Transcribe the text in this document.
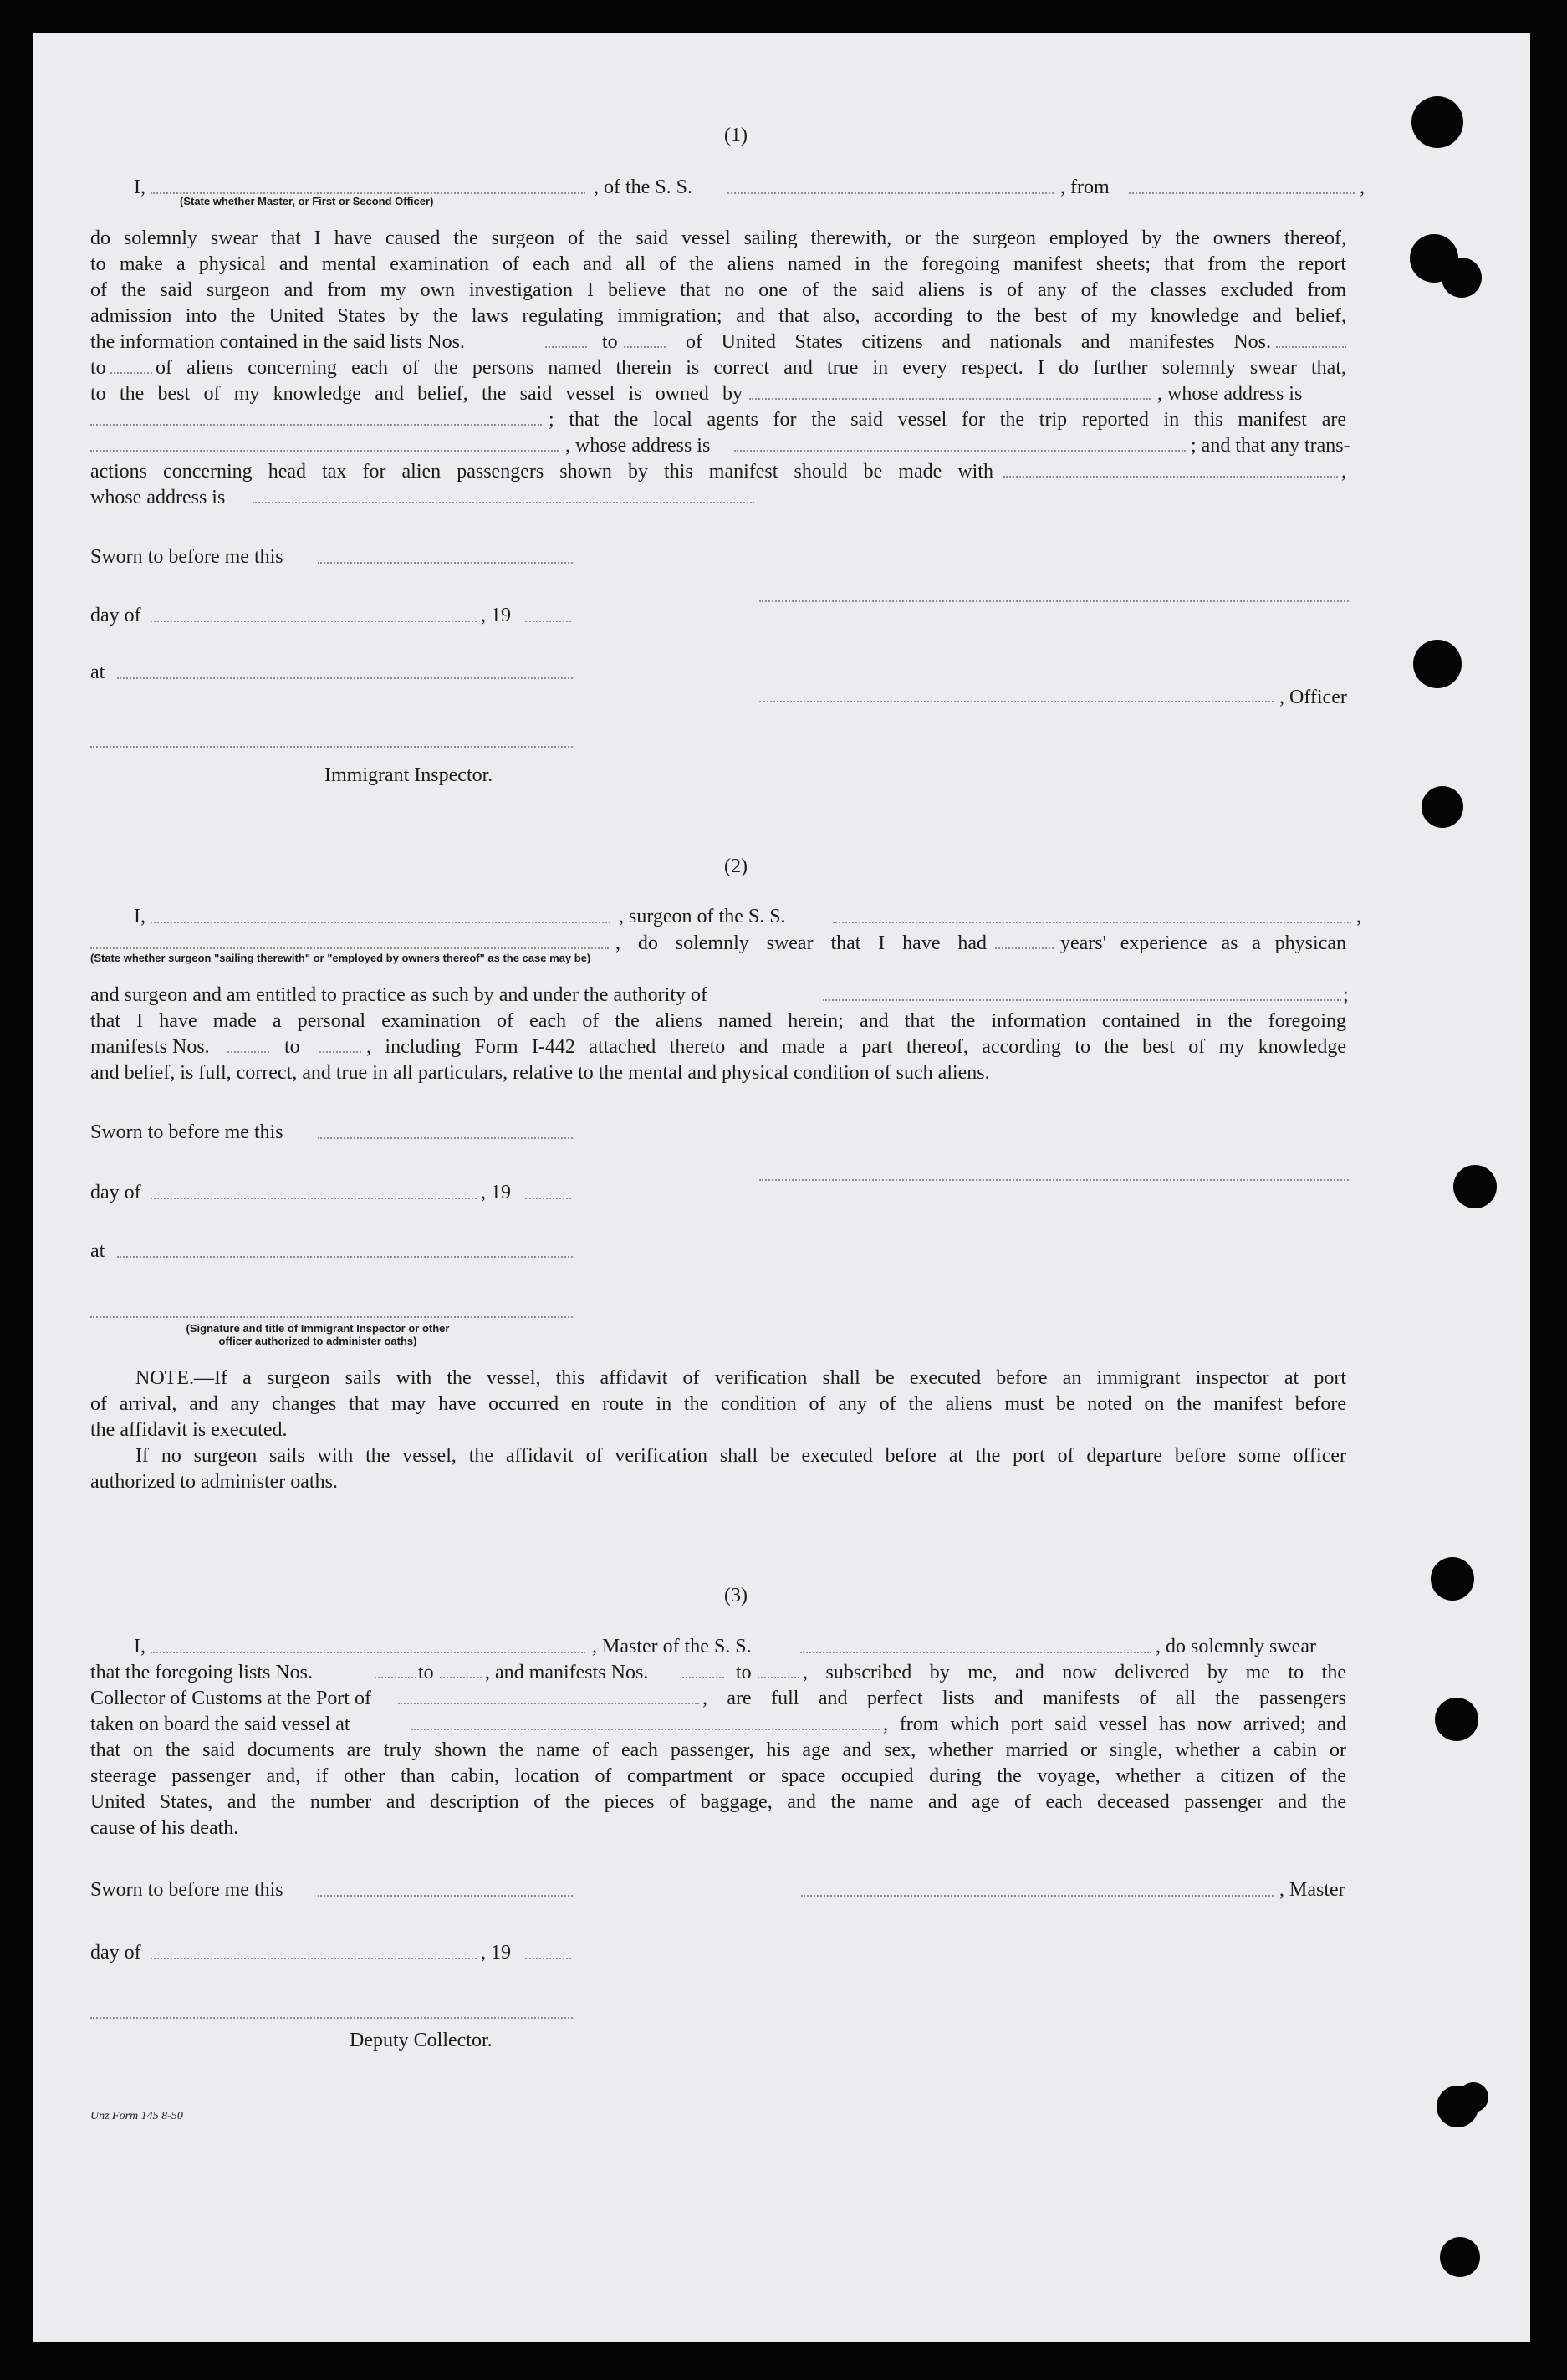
(1)
I,	, of the S. S.	, from	,
(State whether Master, or First or Second Officer)
do solemnly swear that I have caused the surgeon of the said vessel sailing therewith, or the surgeon employed by the owners thereof,
to make a physical and mental examination of each and all of the aliens named in the foregoing manifest sheets; that from the report
of the said surgeon and from my own investigation I believe that no one of the said aliens is of any of the classes excluded from
admission into the United States by the laws regulating immigration; and that also, according to the best of my knowledge and belief,
the information contained in the said lists Nos.	to	of United States citizens and nationals and manifestes Nos.
to of aliens concerning each of the persons named therein is correct and true in every respect. I do further solemnly swear that,
to the best of my knowledge and belief, the said vessel is owned by	, whose address is
; that the local agents for the said vessel for the trip reported in this manifest are
, whose address is	; and that any trans-
actions concerning head tax for alien passengers shown by this manifest should be made with	,
whose address is
Sworn to before me this
day of	, 19
at
, Officer
Immigrant Inspector.
(2)
I,	, surgeon of the S. S.	,
, do solemnly swear that I have had	years' experience as a physican
(State whether surgeon "sailing therewith" or "employed by owners thereof" as the case may be)
and surgeon and am entitled to practice as such by and under the authority of	;
that I have made a personal examination of each of the aliens named herein; and that the information contained in the foregoing
manifests Nos.	to	, including Form I-442 attached thereto and made a part thereof, according to the best of my knowledge
and belief, is full, correct, and true in all particulars, relative to the mental and physical condition of such aliens.
Sworn to before me this
day of	, 19
at
(Signature and title of Immigrant Inspector or other
officer authorized to administer oaths)
NOTE.—If a surgeon sails with the vessel, this affidavit of verification shall be executed before an immigrant inspector at port
of arrival, and any changes that may have occurred en route in the condition of any of the aliens must be noted on the manifest before
the affidavit is executed.
If no surgeon sails with the vessel, the affidavit of verification shall be executed before at the port of departure before some officer
authorized to administer oaths.
(3)
I,	, Master of the S. S.	, do solemnly swear
that the foregoing lists Nos.	to	, and manifests Nos.	to	, subscribed by me, and now delivered by me to the
Collector of Customs at the Port of	, are full and perfect lists and manifests of all the passengers
taken on board the said vessel at	, from which port said vessel has now arrived; and
that on the said documents are truly shown the name of each passenger, his age and sex, whether married or single, whether a cabin or
steerage passenger and, if other than cabin, location of compartment or space occupied during the voyage, whether a citizen of the
United States, and the number and description of the pieces of baggage, and the name and age of each deceased passenger and the
cause of his death.
Sworn to before me this	, Master
day of	, 19
Deputy Collector.
Unz Form 145 8-50
